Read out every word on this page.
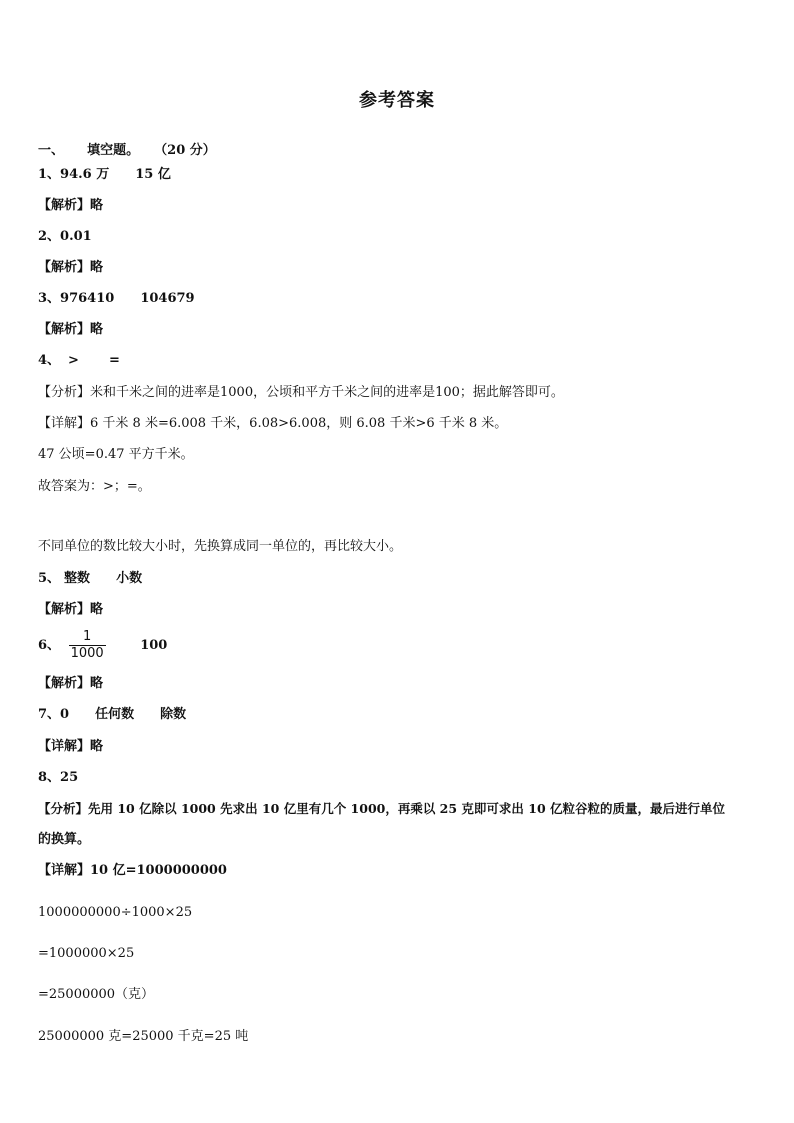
参考答案
一、 填空题。 （20 分）
1、94.6 万 15 亿
【解析】略
2、0.01
【解析】略
3、976410 104679
【解析】略
4、 > =
【分析】米和千米之间的进率是1000，公顷和平方千米之间的进率是100；据此解答即可。
【详解】6 千米 8 米=6.008 千米，6.08>6.008，则 6.08 千米>6 千米 8 米。
47 公顷=0.47 平方千米。
故答案为：>；=。
不同单位的数比较大小时，先换算成同一单位的，再比较大小。
5、 整数 小数
【解析】略
6、 $\frac{1}{1000}$	100
【解析】略
7、0 任何数 除数
【详解】略
8、25
【分析】先用 10 亿除以 1000 先求出 10 亿里有几个 1000，再乘以 25 克即可求出 10 亿粒谷粒的质量，最后进行单位
的换算。
【详解】10 亿=1000000000
1000000000÷1000×25
=1000000×25
=25000000（克）
25000000 克=25000 千克=25 吨
